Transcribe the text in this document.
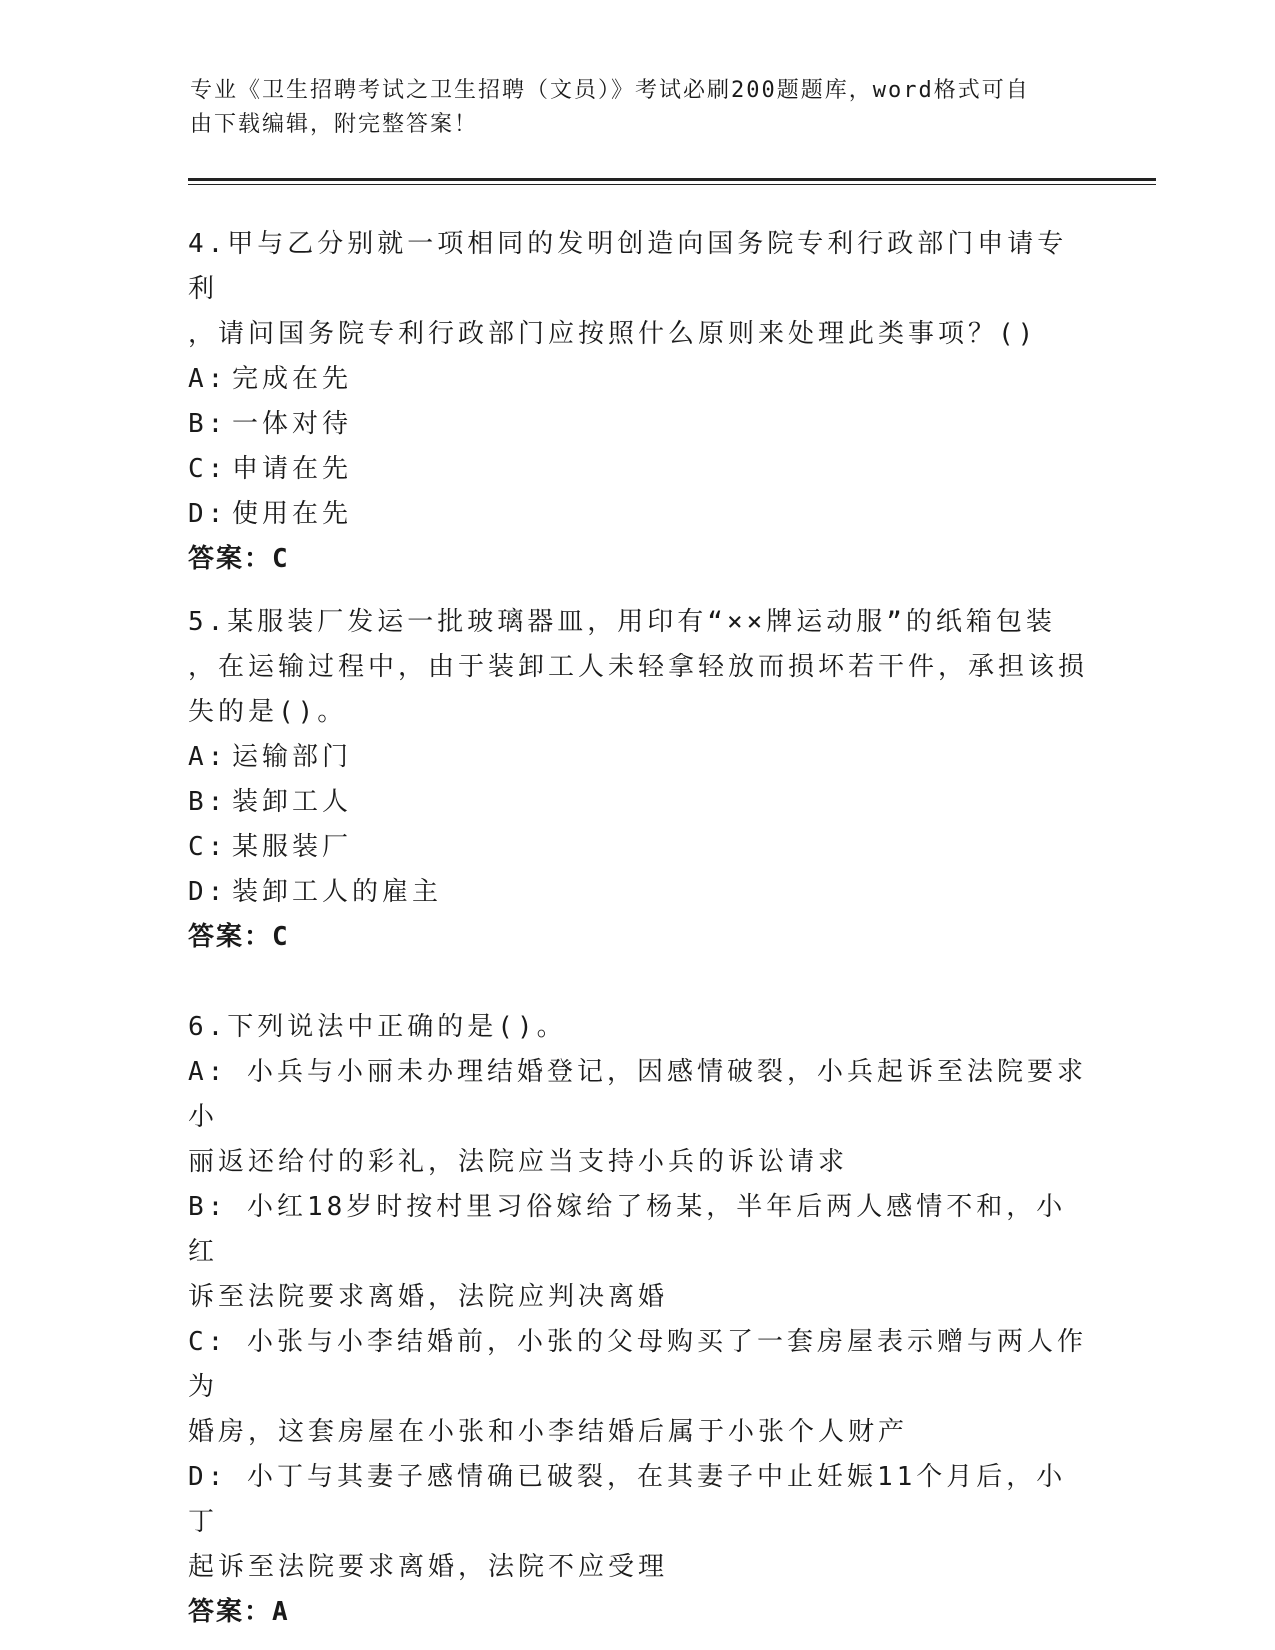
专业《卫生招聘考试之卫生招聘（文员）》考试必刷200题题库，word格式可自
由下载编辑，附完整答案！

4.甲与乙分别就一项相同的发明创造向国务院专利行政部门申请专利

，请问国务院专利行政部门应按照什么原则来处理此类事项？()

A: 完成在先

B: 一体对待

C: 申请在先

D: 使用在先

答案：C

5.某服装厂发运一批玻璃器皿，用印有“××牌运动服”的纸箱包装

，在运输过程中，由于装卸工人未轻拿轻放而损坏若干件，承担该损

失的是()。

A: 运输部门

B: 装卸工人

C: 某服装厂

D: 装卸工人的雇主

答案：C

6.下列说法中正确的是()。

A: 小兵与小丽未办理结婚登记，因感情破裂，小兵起诉至法院要求小

丽返还给付的彩礼，法院应当支持小兵的诉讼请求

B: 小红18岁时按村里习俗嫁给了杨某，半年后两人感情不和，小红

诉至法院要求离婚，法院应判决离婚

C: 小张与小李结婚前，小张的父母购买了一套房屋表示赠与两人作为

婚房，这套房屋在小张和小李结婚后属于小张个人财产

D: 小丁与其妻子感情确已破裂，在其妻子中止妊娠11个月后，小丁

起诉至法院要求离婚，法院不应受理

答案：A
